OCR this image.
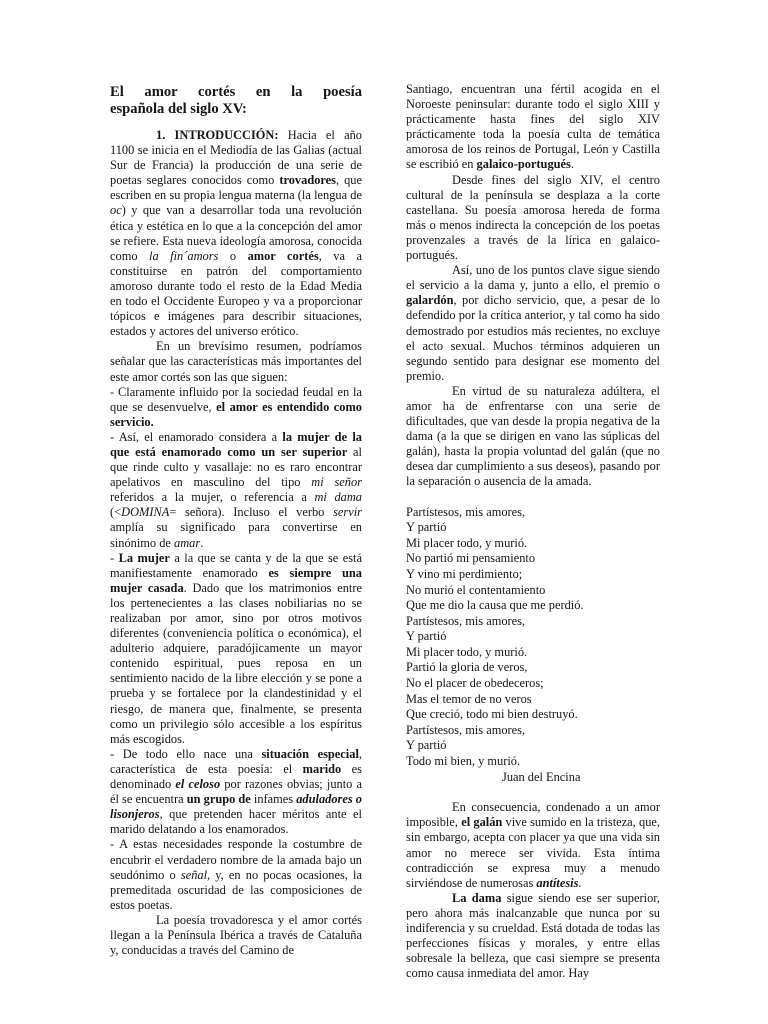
El amor cortés en la poesía
española del siglo XV:

1. INTRODUCCIÓN: Hacia el año 1100 se inicia en el Mediodía de las Galias (actual Sur de Francia) la producción de una serie de poetas seglares conocidos como trovadores, que escriben en su propia lengua materna (la lengua de oc) y que van a desarrollar toda una revolución ética y estética en lo que a la concepción del amor se refiere. Esta nueva ideología amorosa, conocida como la fin´amors o amor cortés, va a constituirse en patrón del comportamiento amoroso durante todo el resto de la Edad Media en todo el Occidente Europeo y va a proporcionar tópicos e imágenes para describir situaciones, estados y actores del universo erótico.

En un brevísimo resumen, podríamos señalar que las características más importantes del este amor cortés son las que siguen:

- Claramente influido por la sociedad feudal en la que se desenvuelve, el amor es entendido como servicio.

- Así, el enamorado considera a la mujer de la que está enamorado como un ser superior al que rinde culto y vasallaje: no es raro encontrar apelativos en masculino del tipo mi señor referidos a la mujer, o referencia a mi dama (<DOMINA= señora). Incluso el verbo servir amplía su significado para convertirse en sinónimo de amar.

- La mujer a la que se canta y de la que se está manifiestamente enamorado es siempre una mujer casada. Dado que los matrimonios entre los pertenecientes a las clases nobiliarias no se realizaban por amor, sino por otros motivos diferentes (conveniencia política o económica), el adulterio adquiere, paradójicamente un mayor contenido espiritual, pues reposa en un sentimiento nacido de la libre elección y se pone a prueba y se fortalece por la clandestinidad y el riesgo, de manera que, finalmente, se presenta como un privilegio sólo accesible a los espíritus más escogidos.

- De todo ello nace una situación especial, característica de esta poesía: el marido es denominado el celoso por razones obvias; junto a él se encuentra un grupo de infames aduladores o lisonjeros, que pretenden hacer méritos ante el marido delatando a los enamorados.

- A estas necesidades responde la costumbre de encubrir el verdadero nombre de la amada bajo un seudónimo o señal, y, en no pocas ocasiones, la premeditada oscuridad de las composiciones de estos poetas.

La poesía trovadoresca y el amor cortés llegan a la Península Ibérica a través de Cataluña y, conducidas a través del Camino de

Santiago, encuentran una fértil acogida en el Noroeste peninsular: durante todo el siglo XIII y prácticamente hasta fines del siglo XIV prácticamente toda la poesía culta de temática amorosa de los reinos de Portugal, León y Castilla se escribió en galaico-portugués.

Desde fines del siglo XIV, el centro cultural de la península se desplaza a la corte castellana. Su poesía amorosa hereda de forma más o menos indirecta la concepción de los poetas provenzales a través de la lírica en galaico-portugués.

Así, uno de los puntos clave sigue siendo el servicio a la dama y, junto a ello, el premio o galardón, por dicho servicio, que, a pesar de lo defendido por la crítica anterior, y tal como ha sido demostrado por estudios más recientes, no excluye el acto sexual. Muchos términos adquieren un segundo sentido para designar ese momento del premio.

En virtud de su naturaleza adúltera, el amor ha de enfrentarse con una serie de dificultades, que van desde la propia negativa de la dama (a la que se dirigen en vano las súplicas del galán), hasta la propia voluntad del galán (que no desea dar cumplimiento a sus deseos), pasando por la separación o ausencia de la amada.

Partístesos, mis amores,
Y partió
Mi placer todo, y murió.
No partió mi pensamiento
Y vino mi perdimiento;
No murió el contentamiento
Que me dio la causa que me perdió.
Partístesos, mis amores,
Y partió
Mi placer todo, y murió.
Partió la gloria de veros,
No el placer de obedeceros;
Mas el temor de no veros
Que creció, todo mi bien destruyó.
Partístesos, mis amores,
Y partió
Todo mi bien, y murió.
Juan del Encina

En consecuencia, condenado a un amor imposible, el galán vive sumido en la tristeza, que, sin embargo, acepta con placer ya que una vida sin amor no merece ser vivida. Esta íntima contradicción se expresa muy a menudo sirviéndose de numerosas antítesis.

La dama sigue siendo ese ser superior, pero ahora más inalcanzable que nunca por su indiferencia y su crueldad. Está dotada de todas las perfecciones físicas y morales, y entre ellas sobresale la belleza, que casi siempre se presenta como causa inmediata del amor. Hay
